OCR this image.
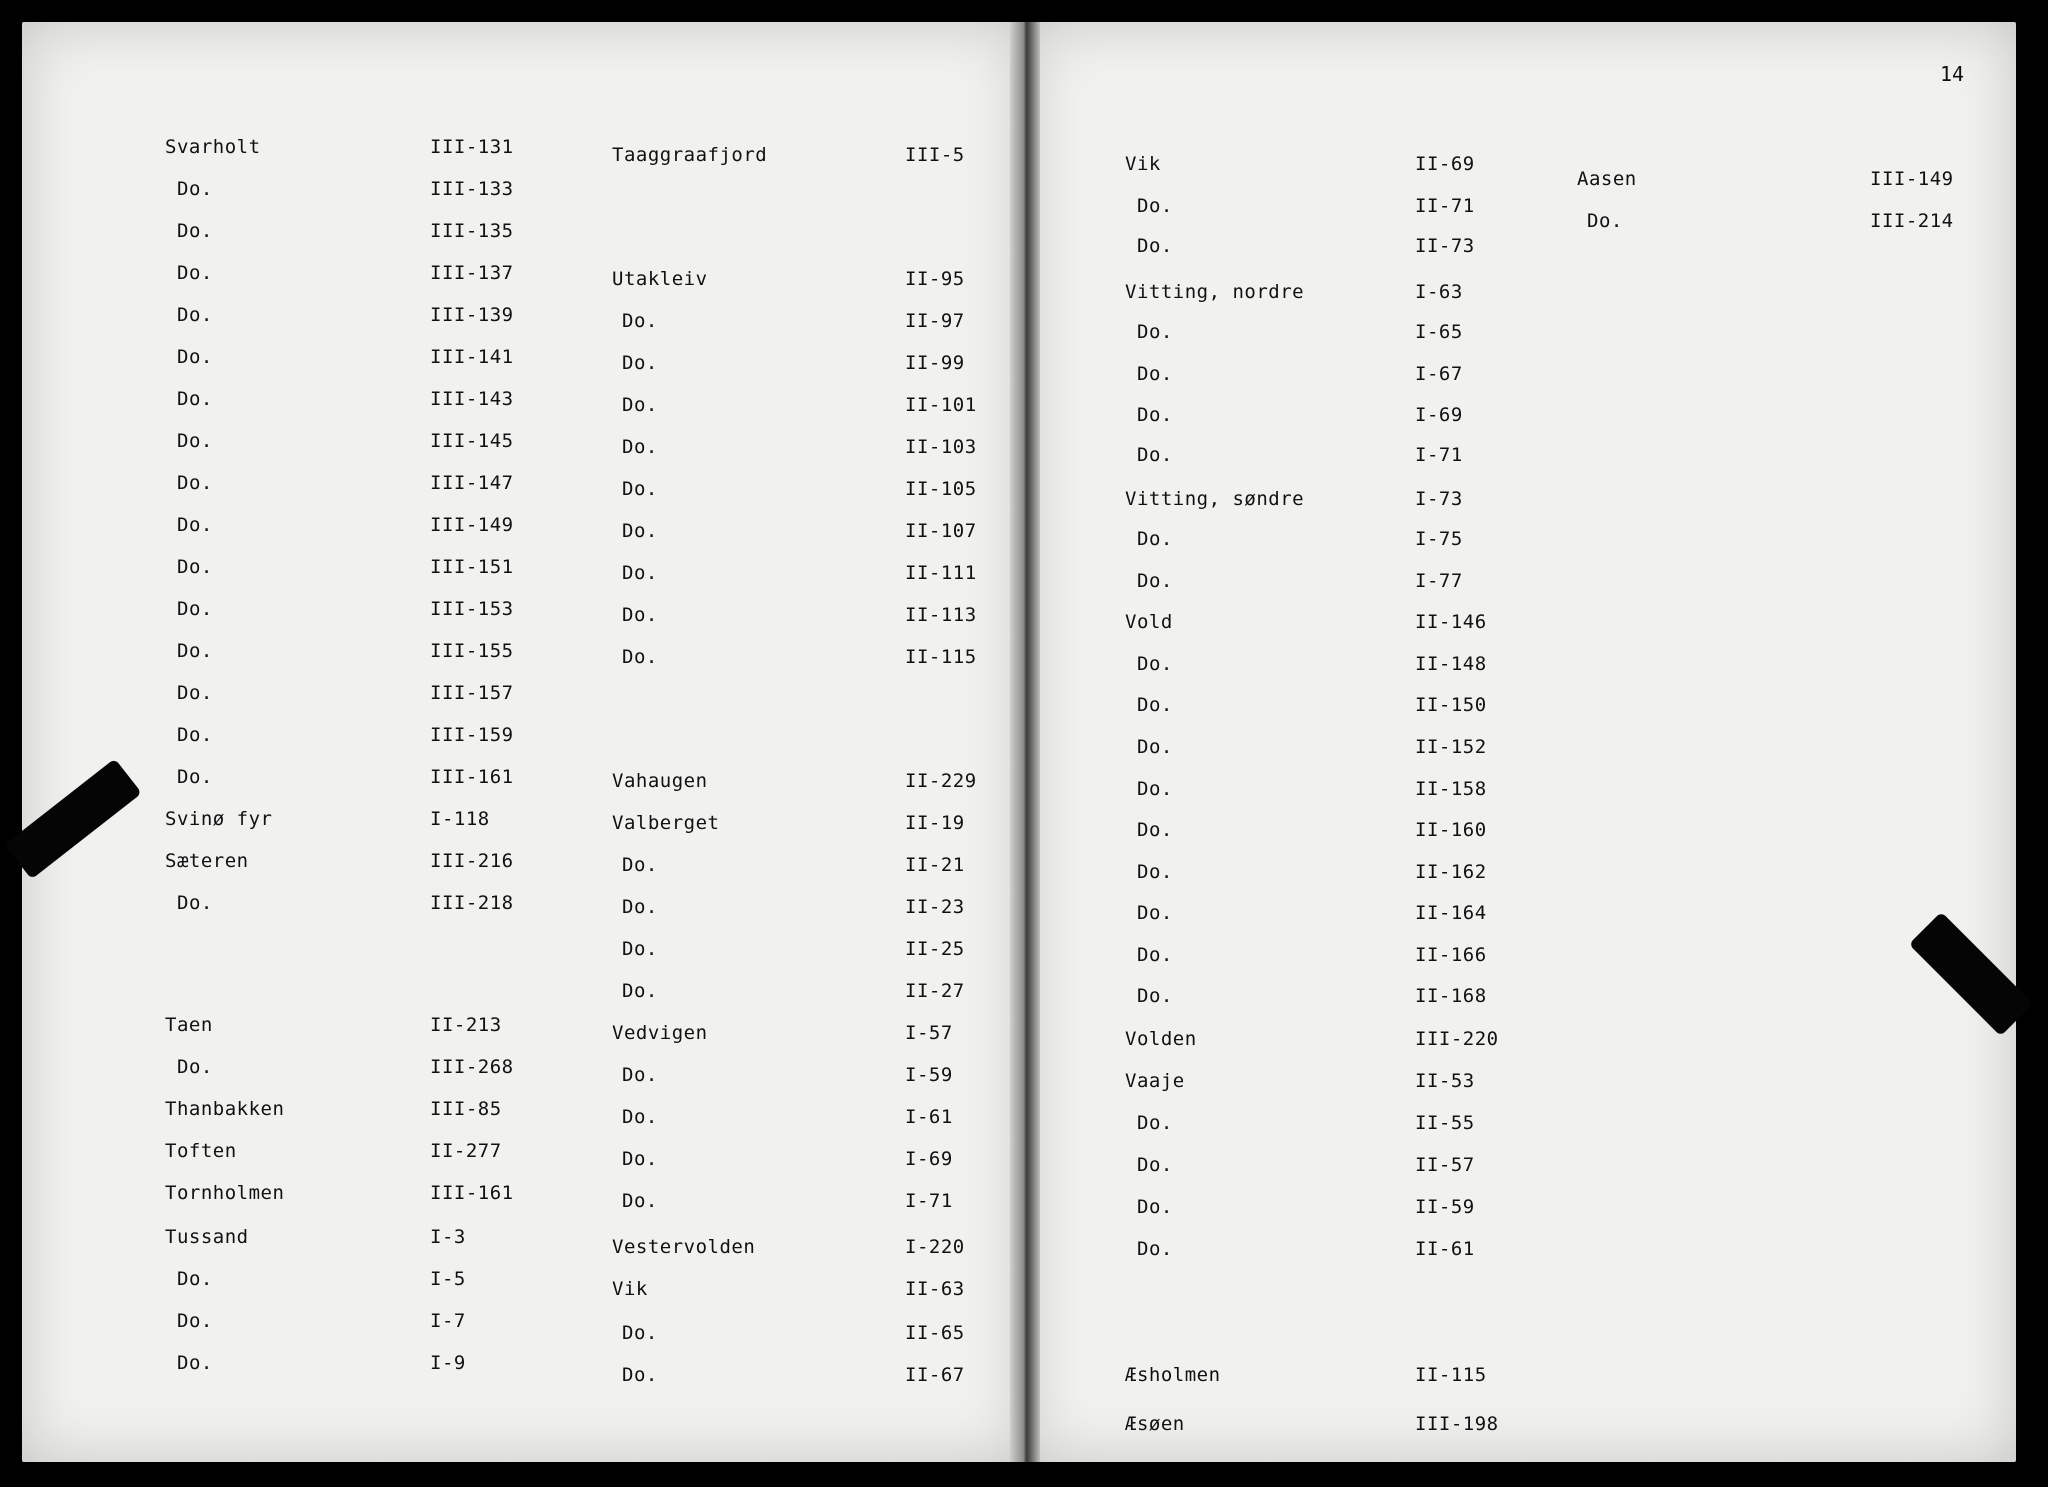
14
Svarholt	III-131
Do.	III-133
Do.	III-135
Do.	III-137
Do.	III-139
Do.	III-141
Do.	III-143
Do.	III-145
Do.	III-147
Do.	III-149
Do.	III-151
Do.	III-153
Do.	III-155
Do.	III-157
Do.	III-159
Do.	III-161
Svinø fyr	I-118
Sæteren	III-216
Do.	III-218
Taen	II-213
Do.	III-268
Thanbakken	III-85
Toften	II-277
Tornholmen	III-161
Tussand	I-3
Do.	I-5
Do.	I-7
Do.	I-9
Taaggraafjord	III-5
Utakleiv	II-95
Do.	II-97
Do.	II-99
Do.	II-101
Do.	II-103
Do.	II-105
Do.	II-107
Do.	II-111
Do.	II-113
Do.	II-115
Vahaugen	II-229
Valberget	II-19
Do.	II-21
Do.	II-23
Do.	II-25
Do.	II-27
Vedvigen	I-57
Do.	I-59
Do.	I-61
Do.	I-69
Do.	I-71
Vestervolden	I-220
Vik	II-63
Do.	II-65
Do.	II-67
Vik	II-69
Do.	II-71
Do.	II-73
Vitting, nordre	I-63
Do.	I-65
Do.	I-67
Do.	I-69
Do.	I-71
Vitting, søndre	I-73
Do.	I-75
Do.	I-77
Vold	II-146
Do.	II-148
Do.	II-150
Do.	II-152
Do.	II-158
Do.	II-160
Do.	II-162
Do.	II-164
Do.	II-166
Do.	II-168
Volden	III-220
Vaaje	II-53
Do.	II-55
Do.	II-57
Do.	II-59
Do.	II-61
Æsholmen	II-115
Æsøen	III-198
Aasen	III-149
Do.	III-214
